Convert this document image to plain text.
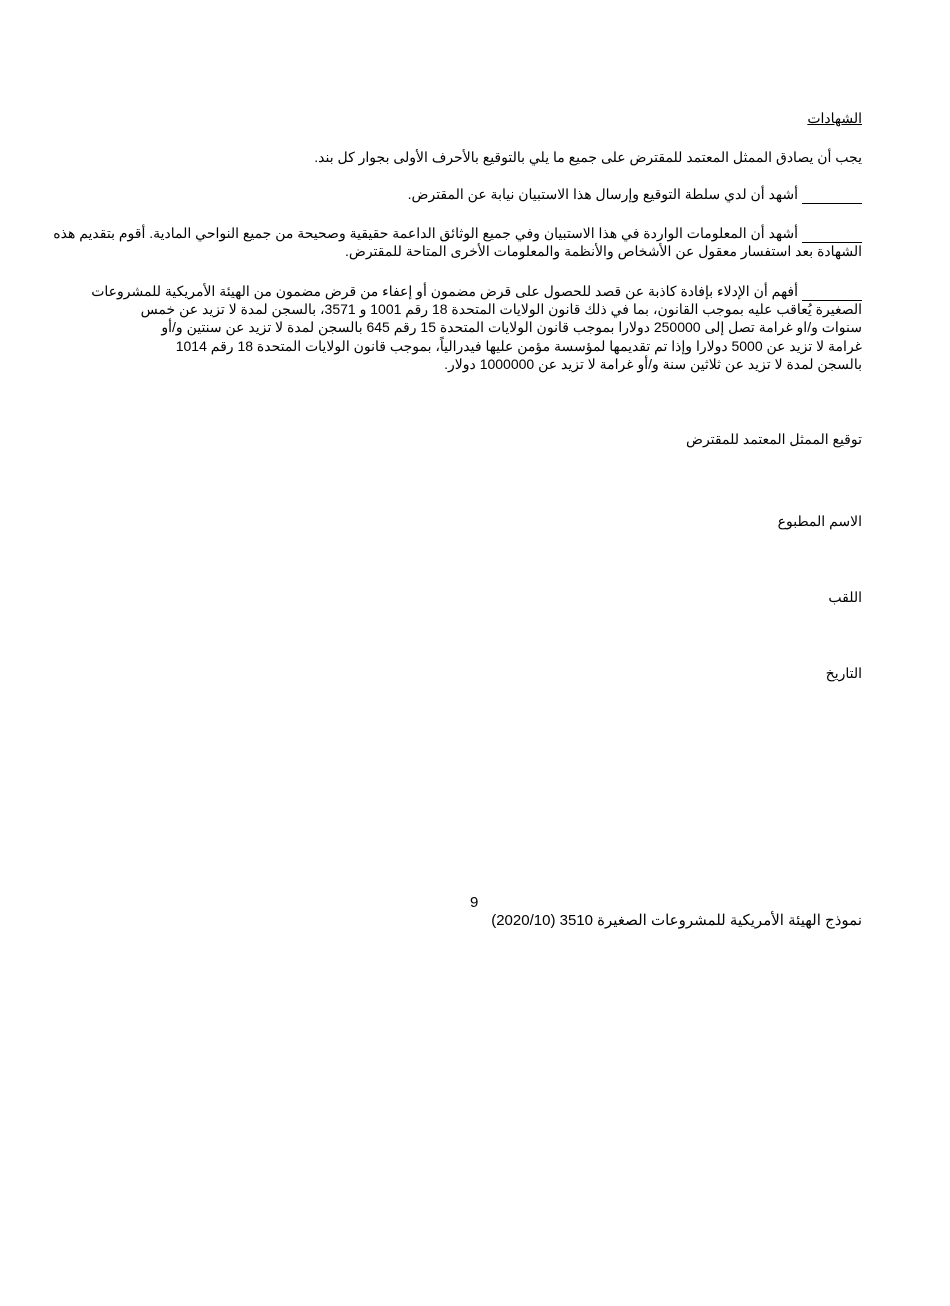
الشهادات
يجب أن يصادق الممثل المعتمد للمقترض على جميع ما يلي بالتوقيع بالأحرف الأولى بجوار كل بند.
أشهد أن لدي سلطة التوقيع وإرسال هذا الاستبيان نيابة عن المقترض.
أشهد أن المعلومات الواردة في هذا الاستبيان وفي جميع الوثائق الداعمة حقيقية وصحيحة من جميع النواحي المادية. أقوم بتقديم هذه
الشهادة بعد استفسار معقول عن الأشخاص والأنظمة والمعلومات الأخرى المتاحة للمقترض.
أفهم أن الإدلاء بإفادة كاذبة عن قصد للحصول على قرض مضمون أو إعفاء من قرض مضمون من الهيئة الأمريكية للمشروعات
الصغيرة يُعاقب عليه بموجب القانون، بما في ذلك قانون الولايات المتحدة 18 رقم 1001 و 3571، بالسجن لمدة لا تزيد عن خمس
سنوات و/او غرامة تصل إلى 250000 دولارا بموجب قانون الولايات المتحدة 15 رقم 645 بالسجن لمدة لا تزيد عن سنتين و/أو
غرامة لا تزيد عن 5000 دولارا وإذا تم تقديمها لمؤسسة مؤمن عليها فيدرالياً، بموجب قانون الولايات المتحدة 18 رقم 1014
بالسجن لمدة لا تزيد عن ثلاثين سنة و/أو غرامة لا تزيد عن 1000000 دولار.
توقيع الممثل المعتمد للمقترض
الاسم المطبوع
اللقب
التاريخ
9
نموذج الهيئة الأمريكية للمشروعات الصغيرة 3510 (2020/10)
